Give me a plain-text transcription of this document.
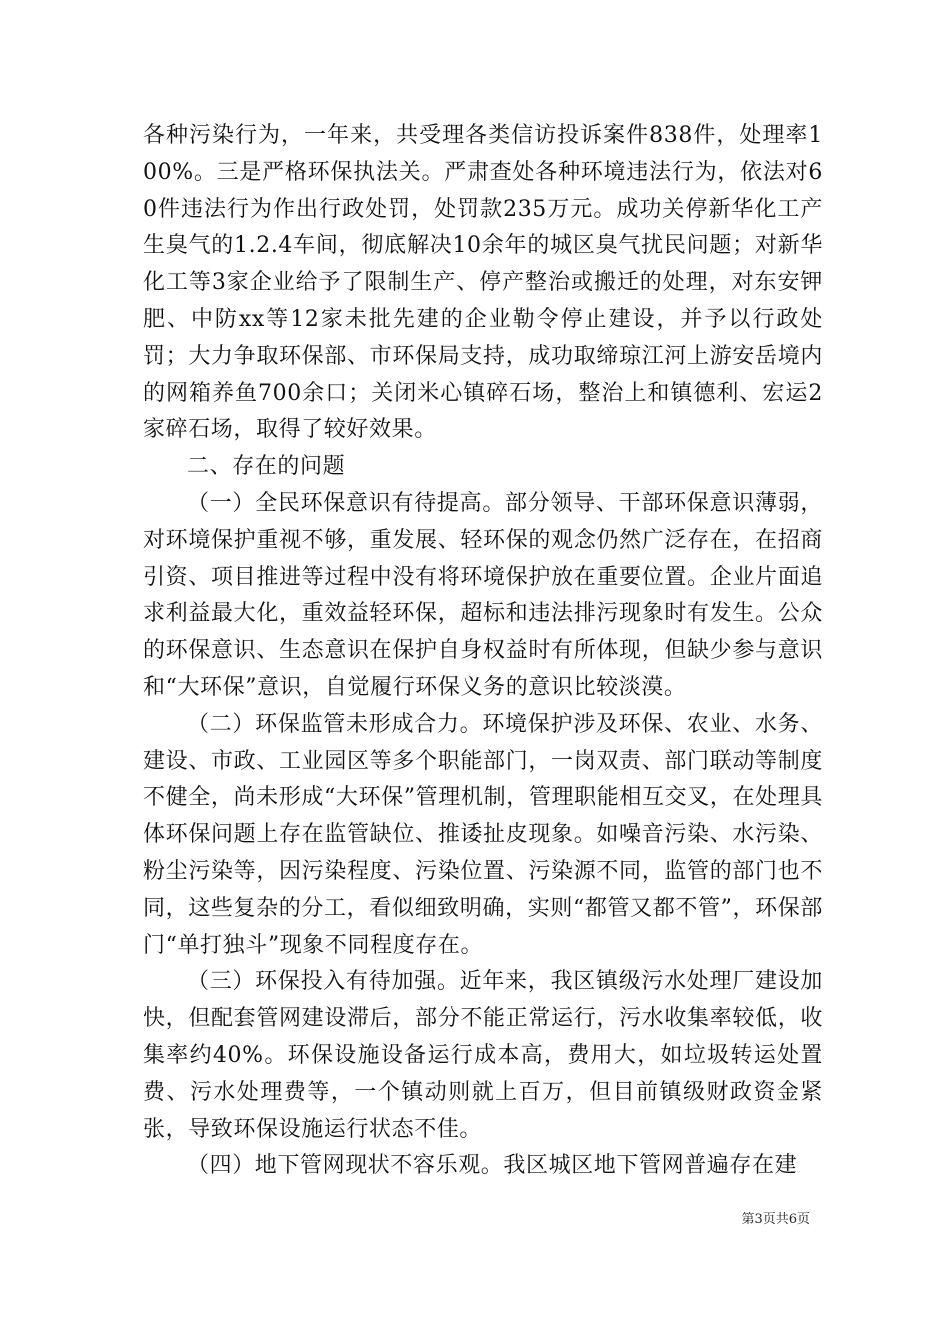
各种污染行为，一年来，共受理各类信访投诉案件838件，处理率100%。三是严格环保执法关。严肃查处各种环境违法行为，依法对60件违法行为作出行政处罚，处罚款235万元。成功关停新华化工产生臭气的1.2.4车间，彻底解决10余年的城区臭气扰民问题；对新华化工等3家企业给予了限制生产、停产整治或搬迁的处理，对东安钾肥、中防xx等12家未批先建的企业勒令停止建设，并予以行政处罚；大力争取环保部、市环保局支持，成功取缔琼江河上游安岳境内的网箱养鱼700余口；关闭米心镇碎石场，整治上和镇德利、宏运2家碎石场，取得了较好效果。

二、存在的问题

（一）全民环保意识有待提高。部分领导、干部环保意识薄弱，对环境保护重视不够，重发展、轻环保的观念仍然广泛存在，在招商引资、项目推进等过程中没有将环境保护放在重要位置。企业片面追求利益最大化，重效益轻环保，超标和违法排污现象时有发生。公众的环保意识、生态意识在保护自身权益时有所体现，但缺少参与意识和“大环保”意识，自觉履行环保义务的意识比较淡漠。

（二）环保监管未形成合力。环境保护涉及环保、农业、水务、建设、市政、工业园区等多个职能部门，一岗双责、部门联动等制度不健全，尚未形成“大环保”管理机制，管理职能相互交叉，在处理具体环保问题上存在监管缺位、推诿扯皮现象。如噪音污染、水污染、粉尘污染等，因污染程度、污染位置、污染源不同，监管的部门也不同，这些复杂的分工，看似细致明确，实则“都管又都不管”，环保部门“单打独斗”现象不同程度存在。

（三）环保投入有待加强。近年来，我区镇级污水处理厂建设加快，但配套管网建设滞后，部分不能正常运行，污水收集率较低，收集率约40%。环保设施设备运行成本高，费用大，如垃圾转运处置费、污水处理费等，一个镇动则就上百万，但目前镇级财政资金紧张，导致环保设施运行状态不佳。

（四）地下管网现状不容乐观。我区城区地下管网普遍存在建

第3页共6页
